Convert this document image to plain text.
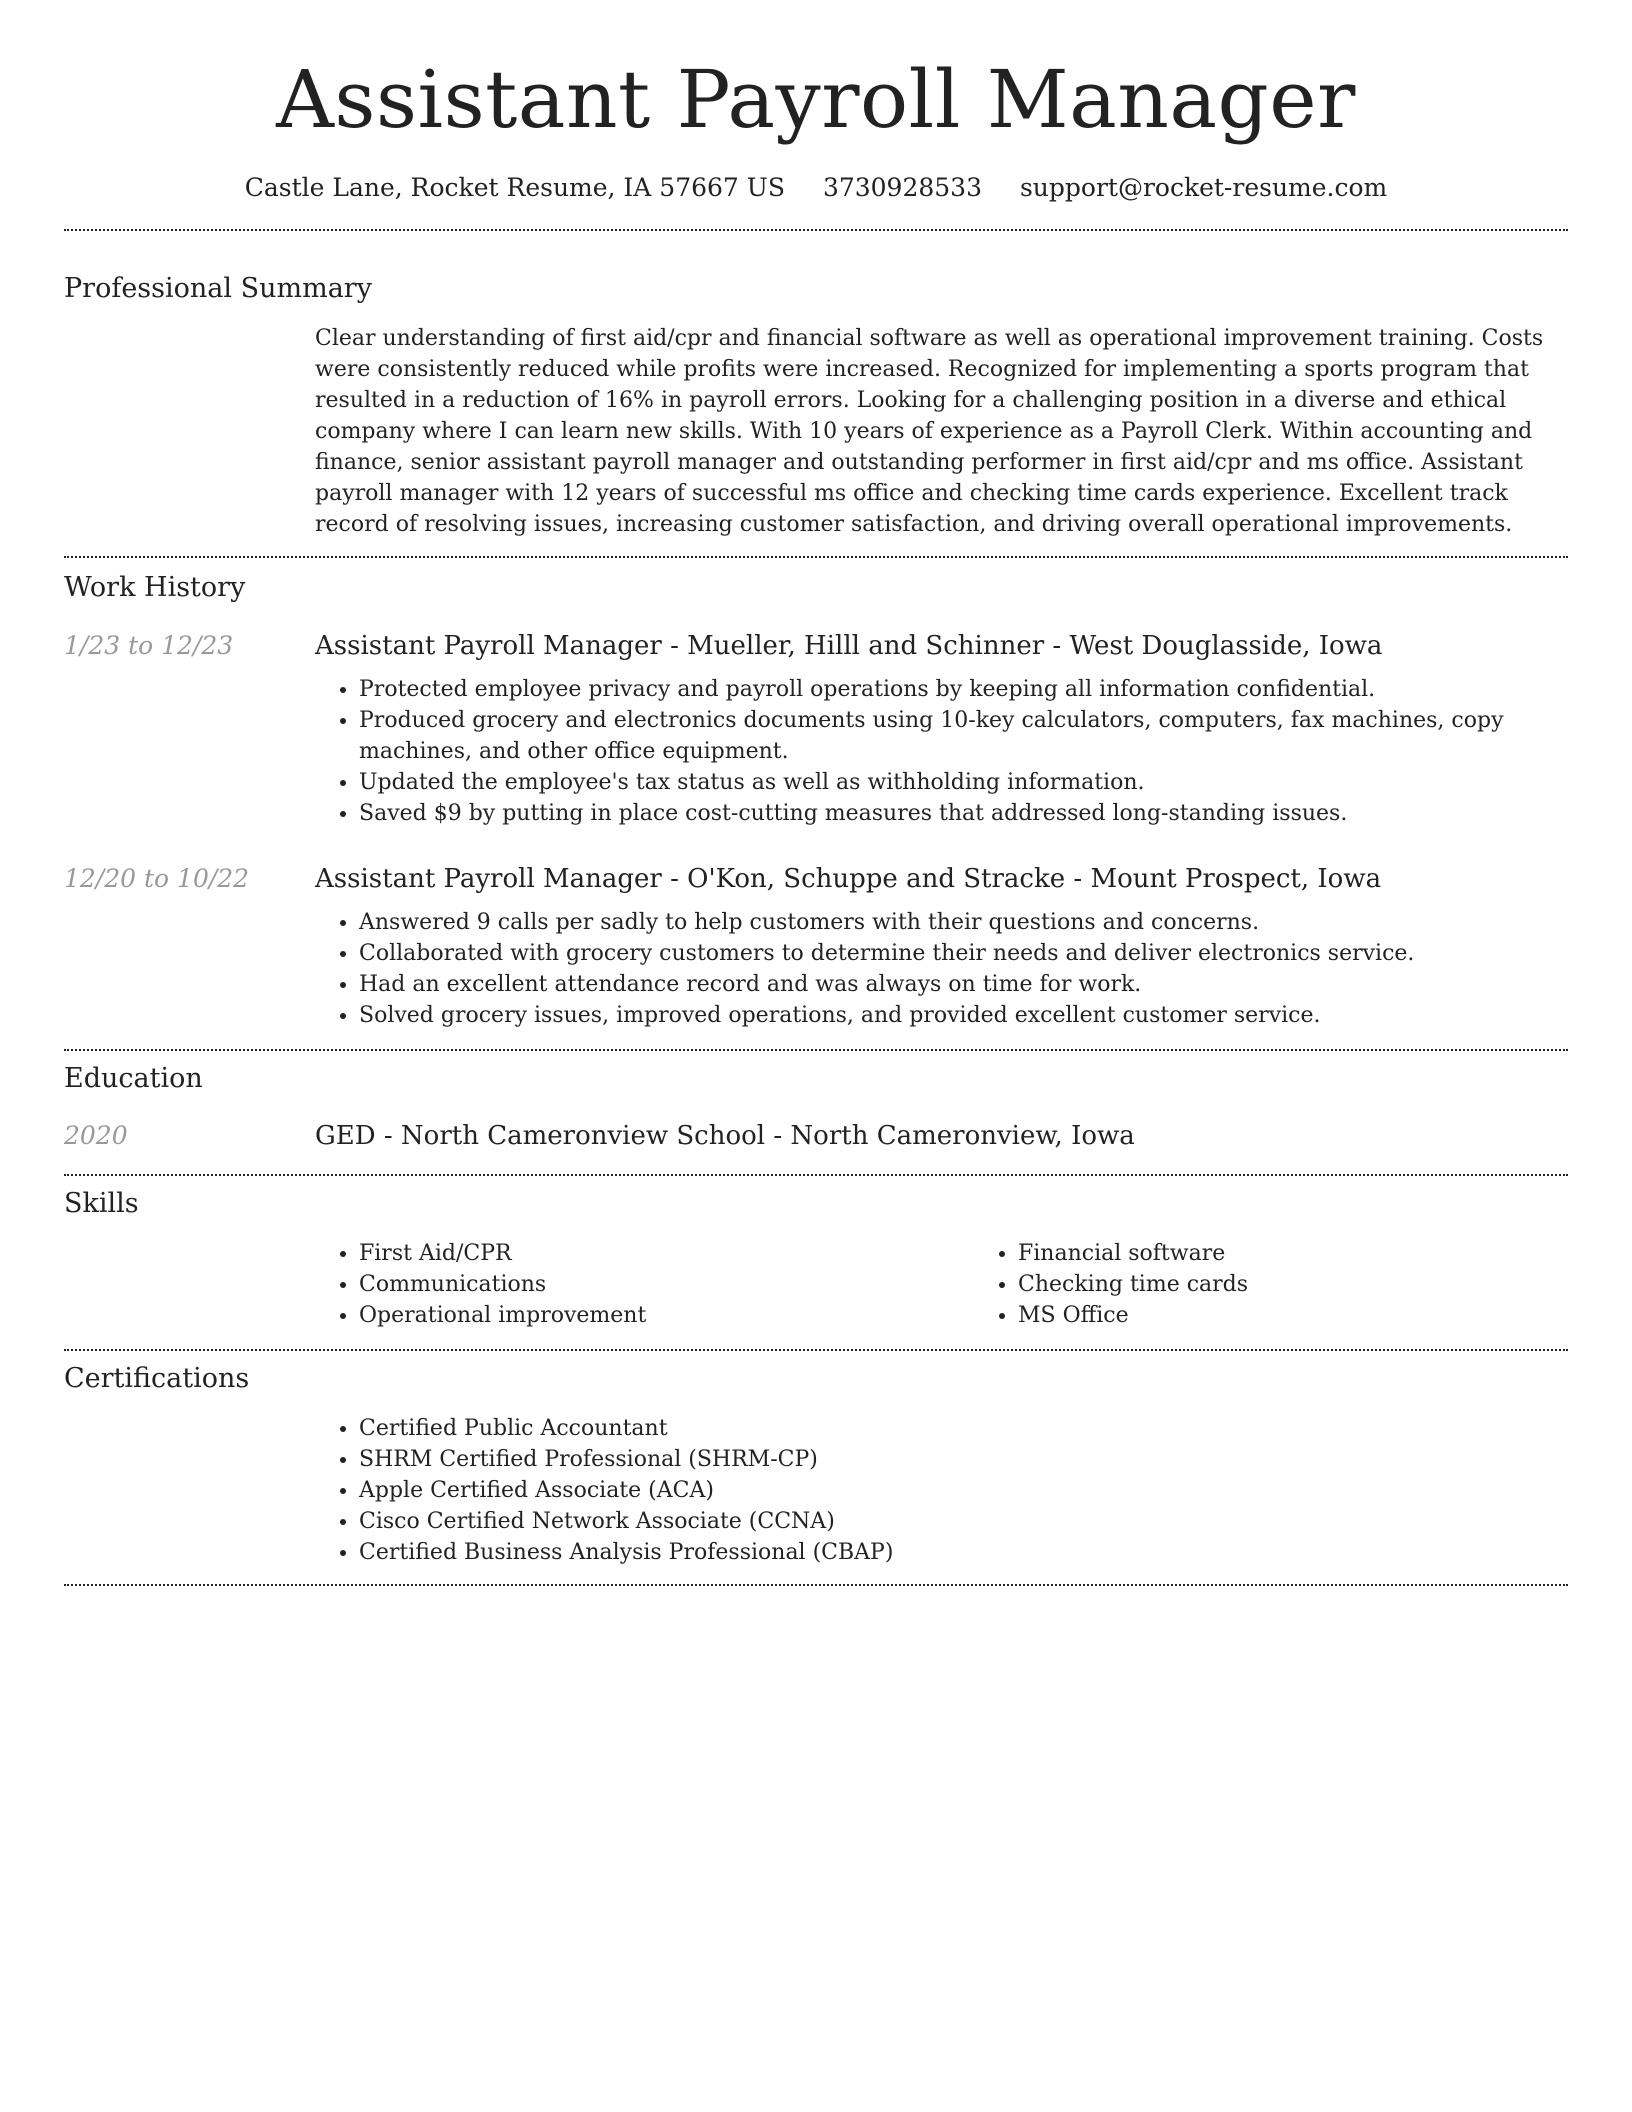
Assistant Payroll Manager
Castle Lane, Rocket Resume, IA 57667 US 3730928533 support@rocket-resume.com
Professional Summary

Clear understanding of first aid/cpr and financial software as well as operational improvement training. Costs were consistently reduced while profits were increased. Recognized for implementing a sports program that resulted in a reduction of 16% in payroll errors. Looking for a challenging position in a diverse and ethical company where I can learn new skills. With 10 years of experience as a Payroll Clerk. Within accounting and finance, senior assistant payroll manager and outstanding performer in first aid/cpr and ms office. Assistant payroll manager with 12 years of successful ms office and checking time cards experience. Excellent track record of resolving issues, increasing customer satisfaction, and driving overall operational improvements.

Work History
1/23 to 12/23	Assistant Payroll Manager - Mueller, Hilll and Schinner - West Douglasside, Iowa
• Protected employee privacy and payroll operations by keeping all information confidential.
• Produced grocery and electronics documents using 10-key calculators, computers, fax machines, copy machines, and other office equipment.
• Updated the employee's tax status as well as withholding information.
• Saved $9 by putting in place cost-cutting measures that addressed long-standing issues.
12/20 to 10/22	Assistant Payroll Manager - O'Kon, Schuppe and Stracke - Mount Prospect, Iowa
• Answered 9 calls per sadly to help customers with their questions and concerns.
• Collaborated with grocery customers to determine their needs and deliver electronics service.
• Had an excellent attendance record and was always on time for work.
• Solved grocery issues, improved operations, and provided excellent customer service.
Education
2020	GED - North Cameronview School - North Cameronview, Iowa
Skills
• First Aid/CPR
• Communications
• Operational improvement
• Financial software
• Checking time cards
• MS Office
Certifications
• Certified Public Accountant
• SHRM Certified Professional (SHRM-CP)
• Apple Certified Associate (ACA)
• Cisco Certified Network Associate (CCNA)
• Certified Business Analysis Professional (CBAP)
